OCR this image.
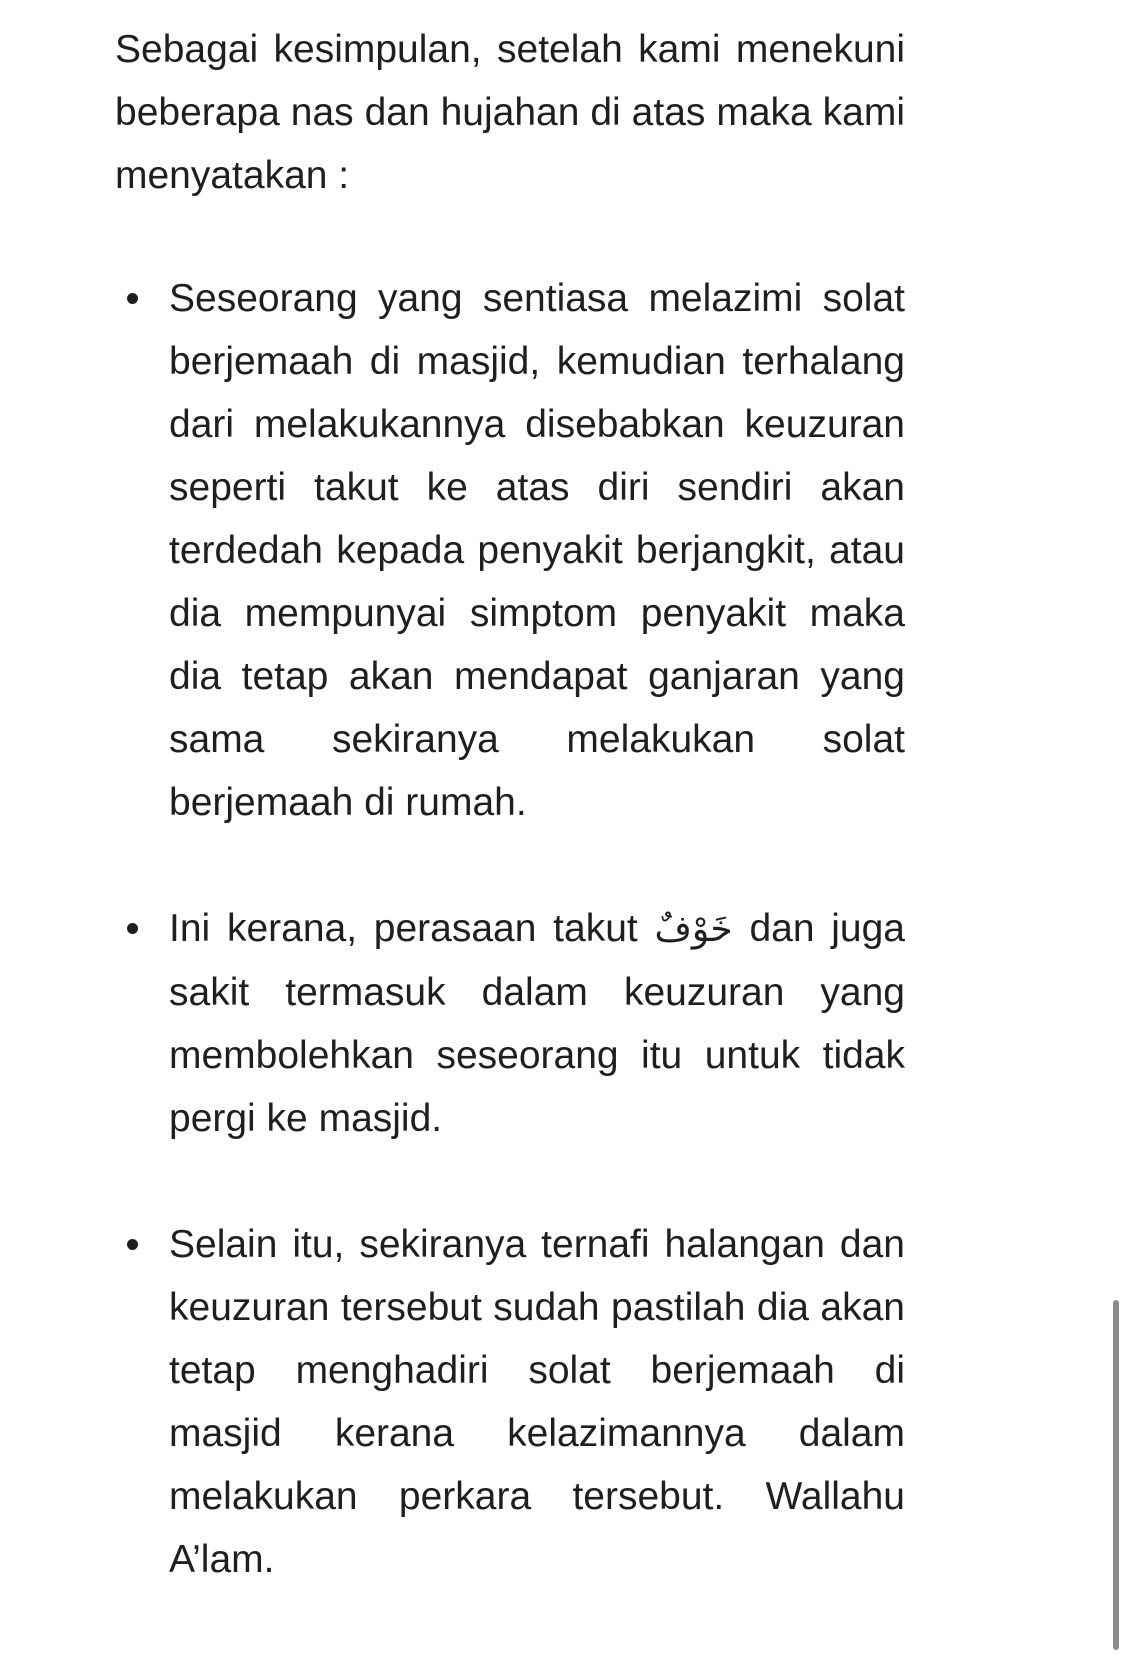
Sebagai kesimpulan, setelah kami menekuni beberapa nas dan hujahan di atas maka kami menyatakan :

Seseorang yang sentiasa melazimi solat berjemaah di masjid, kemudian terhalang dari melakukannya disebabkan keuzuran seperti takut ke atas diri sendiri akan terdedah kepada penyakit berjangkit, atau dia mempunyai simptom penyakit maka dia tetap akan mendapat ganjaran yang sama sekiranya melakukan solat berjemaah di rumah.
Ini kerana, perasaan takut خَوْفٌ dan juga sakit termasuk dalam keuzuran yang membolehkan seseorang itu untuk tidak pergi ke masjid.
Selain itu, sekiranya ternafi halangan dan keuzuran tersebut sudah pastilah dia akan tetap menghadiri solat berjemaah di masjid kerana kelazimannya dalam melakukan perkara tersebut. Wallahu A’lam.
